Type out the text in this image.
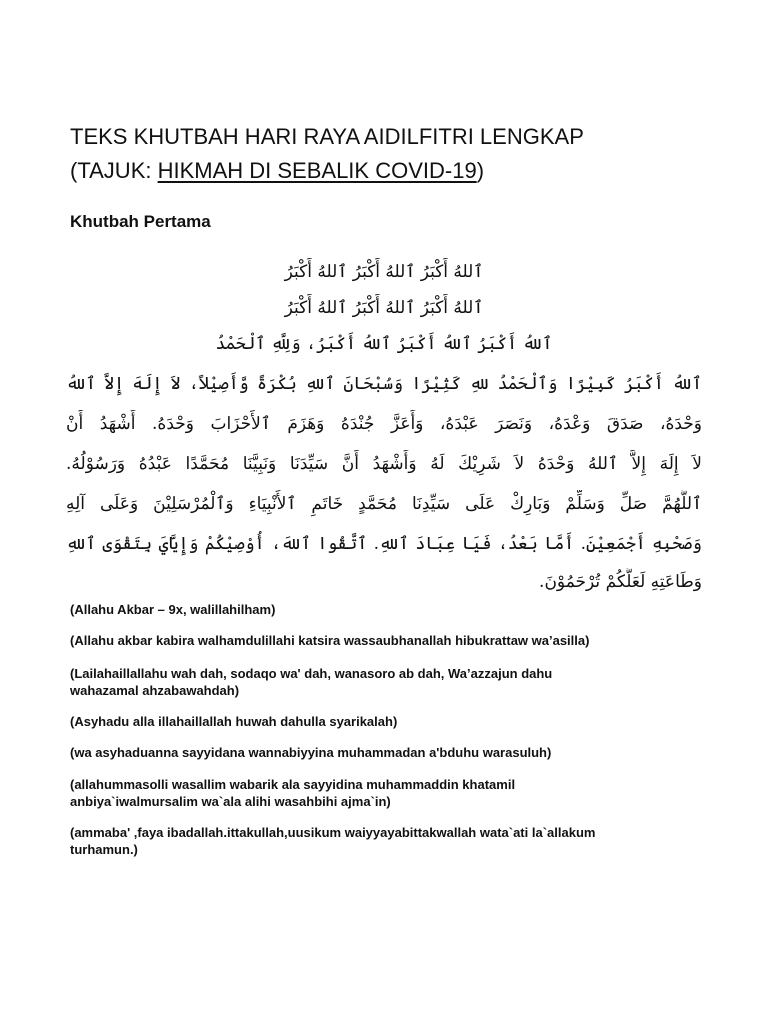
TEKS KHUTBAH HARI RAYA AIDILFITRI LENGKAP
(TAJUK: HIKMAH DI SEBALIK COVID-19)
Khutbah Pertama
ٱللهُ أَكْبَرُ ٱللهُ أَكْبَرُ ٱللهُ أَكْبَرُ
ٱللهُ أَكْبَرُ ٱللهُ أَكْبَرُ ٱللهُ أَكْبَرُ
ٱللهُ أَكْبَرُ ٱللهُ أَكْبَرُ ٱللهُ أَكْبَرُ، وَلِلَّهِ ٱلْحَمْدُ
ٱللهُ أَكْبَرُ كَبِيْرًا وَٱلْحَمْدُ للهِ كَثِيْرًا وَسُبْحَانَ ٱللهِ بُكْرَةً وَّأَصِيْلاً، لاَ إِلَهَ إِلاَّ ٱللهُ
وَحْدَهُ، صَدَقَ وَعْدَهُ، وَنَصَرَ عَبْدَهُ، وَأَعَزَّ جُنْدَهُ وَهَزَمَ ٱلأَحْزَابَ وَحْدَهُ. أَشْهَدُ أَنْ
لاَ إِلَهَ إِلاَّ ٱللهُ وَحْدَهُ لاَ شَرِيْكَ لَهُ وَأَشْهَدُ أَنَّ سَيِّدَنَا وَنَبِيَّنَا مُحَمَّدًا عَبْدُهُ وَرَسُوْلُهُ.
ٱللَّهُمَّ صَلِّ وَسَلِّمْ وَبَارِكْ عَلَى سَيِّدِنَا مُحَمَّدٍ خَاتَمِ ٱلأَنْبِيَاءِ وَٱلْمُرْسَلِيْنَ وَعَلَى آلِهِ
وَصَحْبِهِ أَجْمَعِيْنَ. أَمَّا بَعْدُ، فَيَا عِبَادَ ٱللهِ. ٱتَّقُوا ٱللهَ، أُوْصِيْكُمْ وَإِيَّايَ بِتَقْوَى ٱللهِ
وَطَاعَتِهِ لَعَلَّكُمْ تُرْحَمُوْنَ.

(Allahu Akbar – 9x, walillahilham)

(Allahu akbar kabira walhamdulillahi katsira wassaubhanallah hibukrattaw wa’asilla)

(Lailahaillallahu wah dah, sodaqo wa' dah, wanasoro ab dah, Wa’azzajun dahu
wahazamal ahzabawahdah)

(Asyhadu alla illahaillallah huwah dahulla syarikalah)

(wa asyhaduanna sayyidana wannabiyyina muhammadan a'bduhu warasuluh)

(allahummasolli wasallim wabarik ala sayyidina muhammaddin khatamil
anbiya`iwalmursalim wa`ala alihi wasahbihi ajma`in)

(ammaba' ,faya ibadallah.ittakullah,uusikum waiyyayabittakwallah wata`ati la`allakum
turhamun.)
